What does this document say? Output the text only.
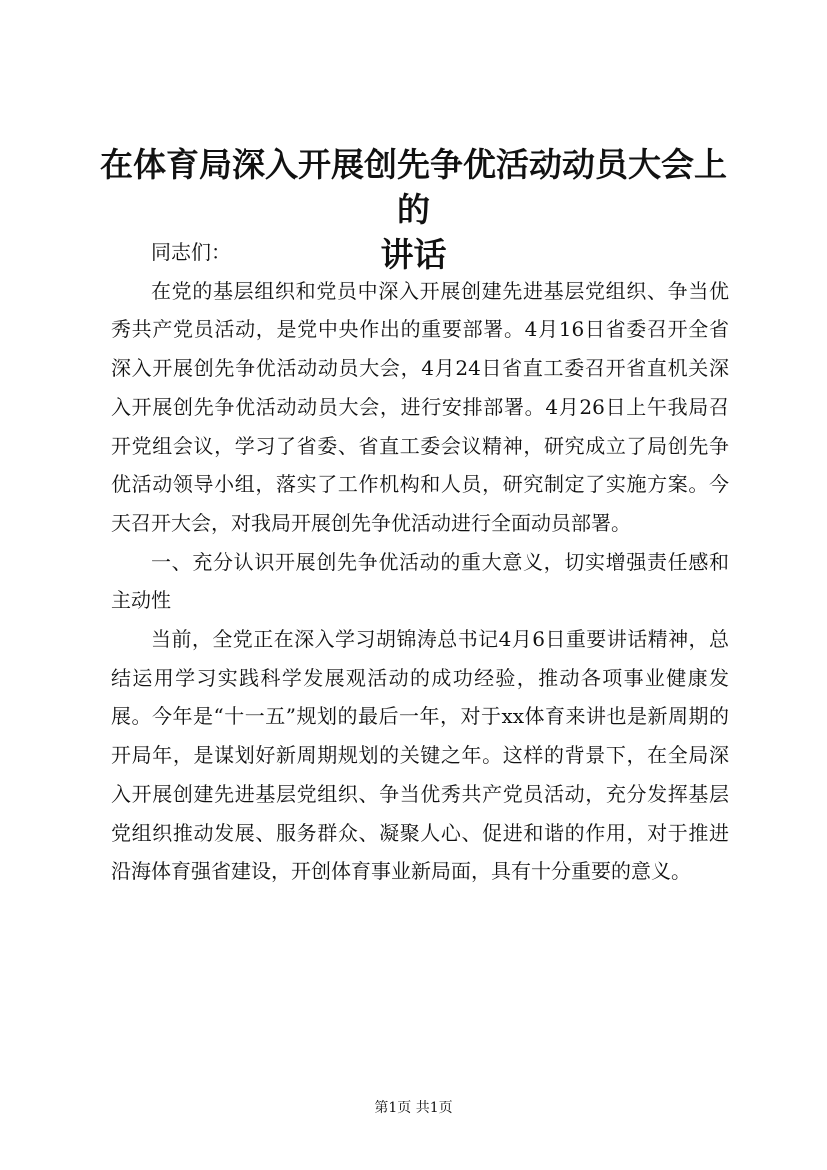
在体育局深入开展创先争优活动动员大会上的
讲话

同志们：

在党的基层组织和党员中深入开展创建先进基层党组织、争当优秀共产党员活动，是党中央作出的重要部署。4月16日省委召开全省深入开展创先争优活动动员大会，4月24日省直工委召开省直机关深入开展创先争优活动动员大会，进行安排部署。4月26日上午我局召开党组会议，学习了省委、省直工委会议精神，研究成立了局创先争优活动领导小组，落实了工作机构和人员，研究制定了实施方案。今天召开大会，对我局开展创先争优活动进行全面动员部署。

一、充分认识开展创先争优活动的重大意义，切实增强责任感和主动性

当前，全党正在深入学习胡锦涛总书记4月6日重要讲话精神，总结运用学习实践科学发展观活动的成功经验，推动各项事业健康发展。今年是“十一五”规划的最后一年，对于xx体育来讲也是新周期的开局年，是谋划好新周期规划的关键之年。这样的背景下，在全局深入开展创建先进基层党组织、争当优秀共产党员活动，充分发挥基层党组织推动发展、服务群众、凝聚人心、促进和谐的作用，对于推进沿海体育强省建设，开创体育事业新局面，具有十分重要的意义。

第1页 共1页
